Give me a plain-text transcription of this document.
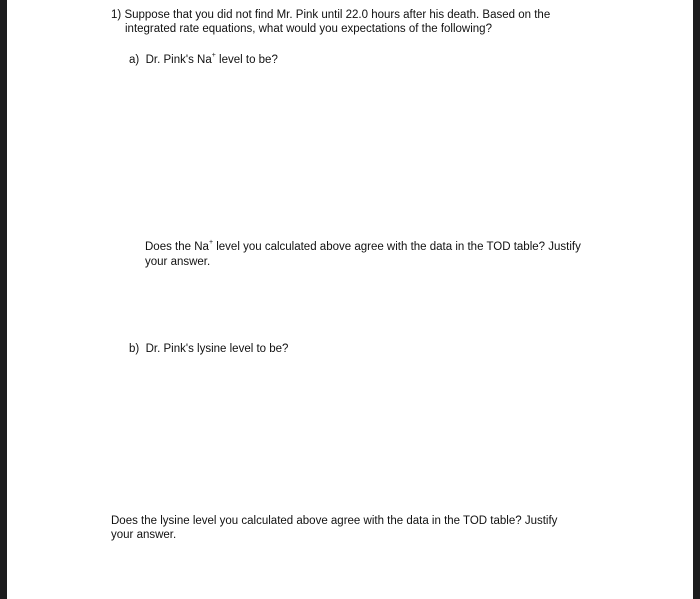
1) Suppose that you did not find Mr. Pink until 22.0 hours after his death. Based on the
integrated rate equations, what would you expectations of the following?
a) Dr. Pink's Na+ level to be?
Does the Na+ level you calculated above agree with the data in the TOD table? Justify
your answer.
b) Dr. Pink's lysine level to be?
Does the lysine level you calculated above agree with the data in the TOD table? Justify
your answer.
